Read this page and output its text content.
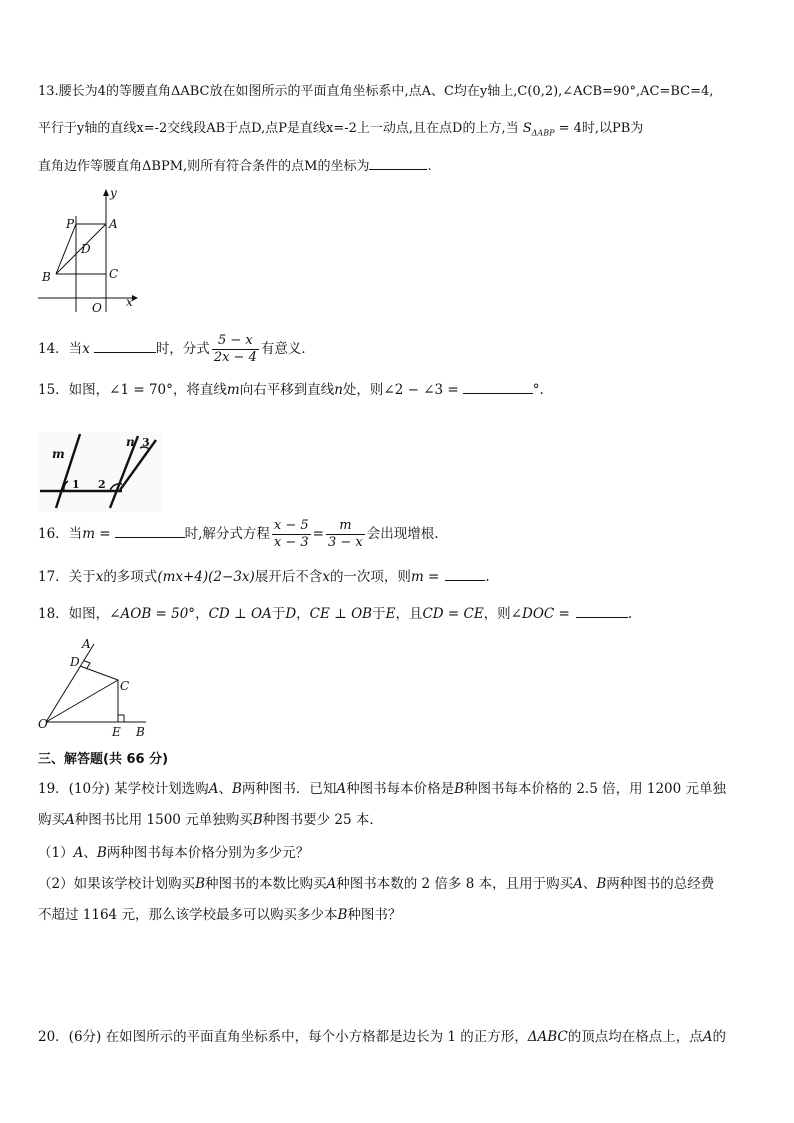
13.腰长为4的等腰直角ΔABC放在如图所示的平面直角坐标系中,点A、C均在y轴上,C(0,2),∠ACB=90°,AC=BC=4,
平行于y轴的直线x=-2交线段AB于点D,点P是直线x=-2上一动点,且在点D的上方,当 $S_{\Delta ABP} = 4$时,以PB为
直角边作等腰直角ΔBPM,则所有符合条件的点M的坐标为	.
P	A
D
B	C
O x
y
14．当x	时，分式 $\frac{5 - x}{2x - 4}$ 有意义．
15．如图，∠1 = 70°，将直线m向右平移到直线n处，则∠2 − ∠3 =	°.
m
1 2
n 3
16．当m =	时,解分式方程 $\frac{x - 5}{x - 3} = \frac{m}{3 - x}$ 会出现增根.
17．关于x的多项式(mx+4)(2−3x)展开后不含x的一次项，则m =	.
18．如图，∠AOB = 50°，CD ⊥ OA于D，CE ⊥ OB于E，且CD = CE，则∠DOC =	.
A
D
C
O
E B
三、解答题(共 66 分)
19．(10分) 某学校计划选购A、B两种图书．已知A种图书每本价格是B种图书每本价格的 2.5 倍，用 1200 元单独
购买A种图书比用 1500 元单独购买B种图书要少 25 本．
（1）A、B两种图书每本价格分别为多少元？
（2）如果该学校计划购买B种图书的本数比购买A种图书本数的 2 倍多 8 本，且用于购买A、B两种图书的总经费
不超过 1164 元，那么该学校最多可以购买多少本B种图书？
20．(6分) 在如图所示的平面直角坐标系中，每个小方格都是边长为 1 的正方形，ΔABC的顶点均在格点上，点A的
